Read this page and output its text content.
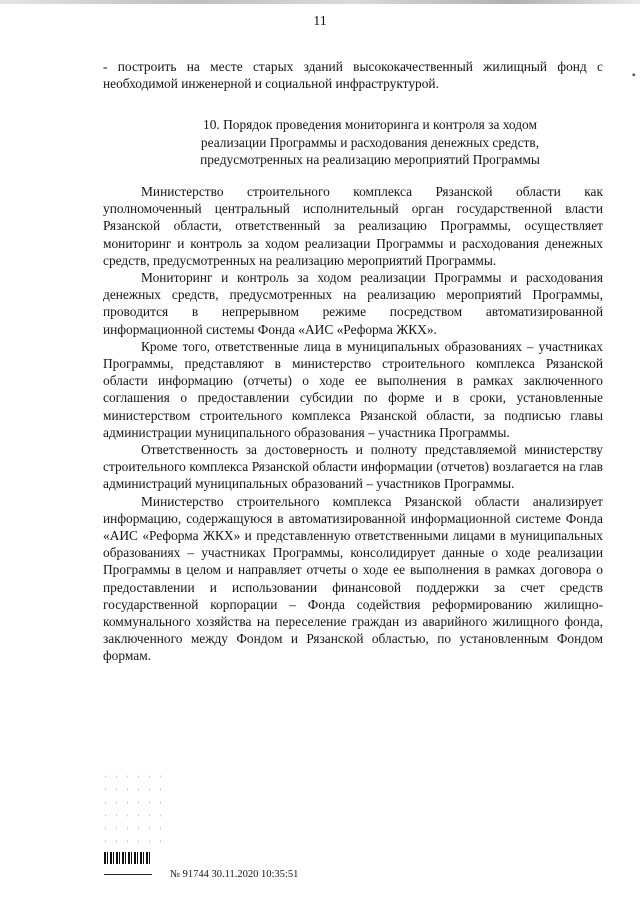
11

- построить на месте старых зданий высококачественный жилищный фонд с необходимой инженерной и социальной инфраструктурой.

10. Порядок проведения мониторинга и контроля за ходом
реализации Программы и расходования денежных средств,
предусмотренных на реализацию мероприятий Программы

Министерство строительного комплекса Рязанской области как уполномоченный центральный исполнительный орган государственной власти Рязанской области, ответственный за реализацию Программы, осуществляет мониторинг и контроль за ходом реализации Программы и расходования денежных средств, предусмотренных на реализацию мероприятий Программы.

Мониторинг и контроль за ходом реализации Программы и расходования денежных средств, предусмотренных на реализацию мероприятий Программы, проводится в непрерывном режиме посредством автоматизированной информационной системы Фонда «АИС «Реформа ЖКХ».

Кроме того, ответственные лица в муниципальных образованиях – участниках Программы, представляют в министерство строительного комплекса Рязанской области информацию (отчеты) о ходе ее выполнения в рамках заключенного соглашения о предоставлении субсидии по форме и в сроки, установленные министерством строительного комплекса Рязанской области, за подписью главы администрации муниципального образования – участника Программы.

Ответственность за достоверность и полноту представляемой министерству строительного комплекса Рязанской области информации (отчетов) возлагается на глав администраций муниципальных образований – участников Программы.

Министерство строительного комплекса Рязанской области анализирует информацию, содержащуюся в автоматизированной информационной системе Фонда «АИС «Реформа ЖКХ» и представленную ответственными лицами в муниципальных образованиях – участниках Программы, консолидирует данные о ходе реализации Программы в целом и направляет отчеты о ходе ее выполнения в рамках договора о предоставлении и использовании финансовой поддержки за счет средств государственной корпорации – Фонда содействия реформированию жилищно-коммунального хозяйства на переселение граждан из аварийного жилищного фонда, заключенного между Фондом и Рязанской областью, по установленным Фондом формам.

▪
№ 91744 30.11.2020 10:35:51
